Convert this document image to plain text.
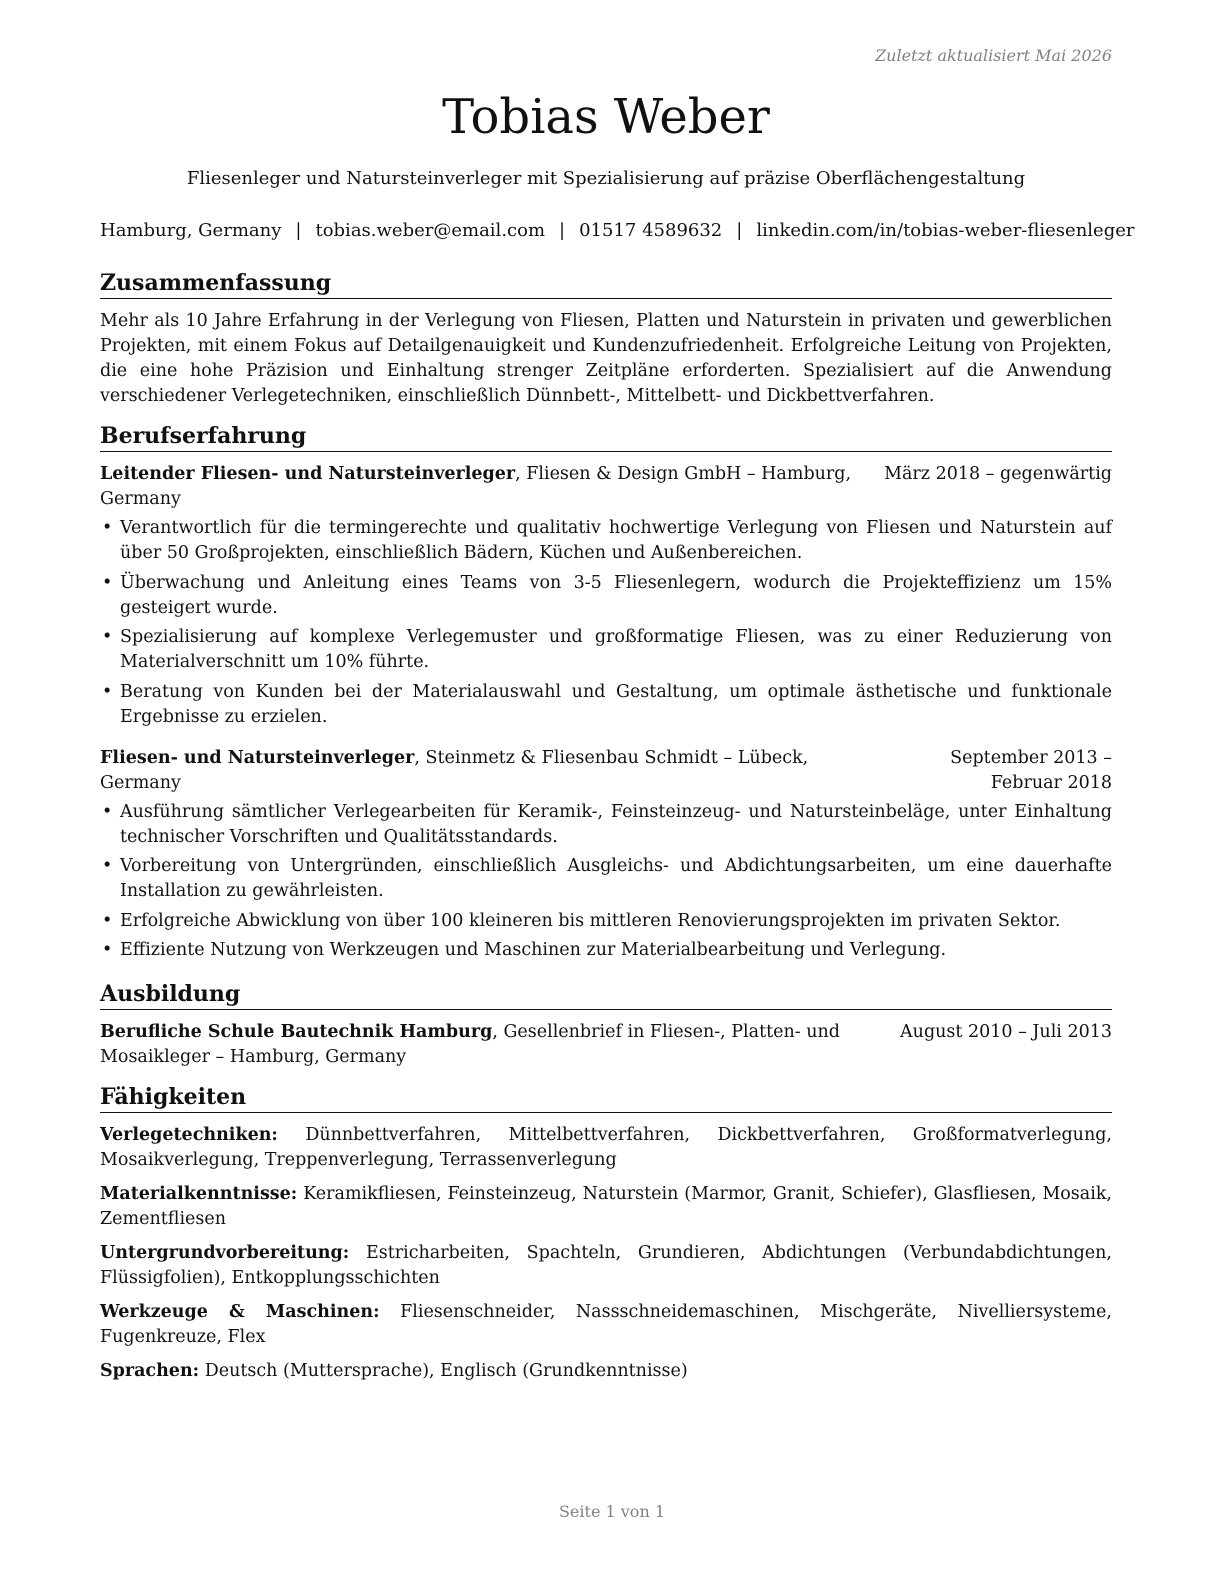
Zuletzt aktualisiert Mai 2026
Tobias Weber
Fliesenleger und Natursteinverleger mit Spezialisierung auf präzise Oberflächengestaltung
Hamburg, Germany | tobias.weber@email.com | 01517 4589632 | linkedin.com/in/tobias-weber-fliesenleger
Zusammenfassung

Mehr als 10 Jahre Erfahrung in der Verlegung von Fliesen, Platten und Naturstein in privaten und gewerblichen Projekten, mit einem Fokus auf Detailgenauigkeit und Kundenzufriedenheit. Erfolgreiche Leitung von Projekten, die eine hohe Präzision und Einhaltung strenger Zeitpläne erforderten. Spezialisiert auf die Anwendung verschiedener Verlegetechniken, einschließlich Dünnbett-, Mittelbett- und Dickbettverfahren.

Berufserfahrung
Leitender Fliesen- und Natursteinverleger, Fliesen & Design GmbH – Hamburg, Germany
März 2018 – gegenwärtig
• Verantwortlich für die termingerechte und qualitativ hochwertige Verlegung von Fliesen und Naturstein auf über 50 Großprojekten, einschließlich Bädern, Küchen und Außenbereichen.
• Überwachung und Anleitung eines Teams von 3-5 Fliesenlegern, wodurch die Projekteffizienz um 15% gesteigert wurde.
• Spezialisierung auf komplexe Verlegemuster und großformatige Fliesen, was zu einer Reduzierung von Materialverschnitt um 10% führte.
• Beratung von Kunden bei der Materialauswahl und Gestaltung, um optimale ästhetische und funktionale Ergebnisse zu erzielen.
Fliesen- und Natursteinverleger, Steinmetz & Fliesenbau Schmidt – Lübeck, Germany
September 2013 – Februar 2018
• Ausführung sämtlicher Verlegearbeiten für Keramik-, Feinsteinzeug- und Natursteinbeläge, unter Einhaltung technischer Vorschriften und Qualitätsstandards.
• Vorbereitung von Untergründen, einschließlich Ausgleichs- und Abdichtungsarbeiten, um eine dauerhafte Installation zu gewährleisten.
• Erfolgreiche Abwicklung von über 100 kleineren bis mittleren Renovierungsprojekten im privaten Sektor.
• Effiziente Nutzung von Werkzeugen und Maschinen zur Materialbearbeitung und Verlegung.
Ausbildung
Berufliche Schule Bautechnik Hamburg, Gesellenbrief in Fliesen-, Platten- und Mosaikleger – Hamburg, Germany
August 2010 – Juli 2013
Fähigkeiten
Verlegetechniken: Dünnbettverfahren, Mittelbettverfahren, Dickbettverfahren, Großformatverlegung, Mosaikverlegung, Treppenverlegung, Terrassenverlegung
Materialkenntnisse: Keramikfliesen, Feinsteinzeug, Naturstein (Marmor, Granit, Schiefer), Glasfliesen, Mosaik, Zementfliesen
Untergrundvorbereitung: Estricharbeiten, Spachteln, Grundieren, Abdichtungen (Verbundabdichtungen, Flüssigfolien), Entkopplungsschichten
Werkzeuge & Maschinen: Fliesenschneider, Nassschneidemaschinen, Mischgeräte, Nivelliersysteme, Fugenkreuze, Flex
Sprachen: Deutsch (Muttersprache), Englisch (Grundkenntnisse)
Seite 1 von 1
